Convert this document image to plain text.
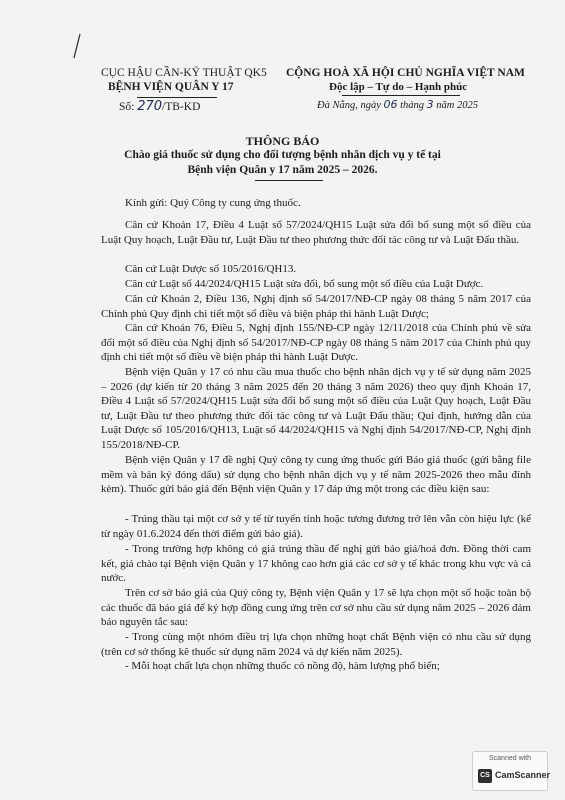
CỤC HẬU CẦN-KỸ THUẬT QK5
BỆNH VIỆN QUÂN Y 17
Số: 270/TB-KD
CỘNG HOÀ XÃ HỘI CHỦ NGHĨA VIỆT NAM
Độc lập – Tự do – Hạnh phúc
Đà Nẵng, ngày 06 tháng 3 năm 2025
THÔNG BÁO
Chào giá thuốc sử dụng cho đối tượng bệnh nhân dịch vụ y tế tại
Bệnh viện Quân y 17 năm 2025 – 2026.
Kính gửi: Quý Công ty cung ứng thuốc.
Căn cứ Khoản 17, Điều 4 Luật số 57/2024/QH15 Luật sửa đổi bổ sung một số điều của Luật Quy hoạch, Luật Đầu tư, Luật Đầu tư theo phương thức đối tác công tư và Luật Đấu thầu.
Căn cứ Luật Dược số 105/2016/QH13.
Căn cứ Luật số 44/2024/QH15 Luật sửa đổi, bổ sung một số điều của Luật Dược.
Căn cứ Khoản 2, Điều 136, Nghị định số 54/2017/NĐ-CP ngày 08 tháng 5 năm 2017 của Chính phủ Quy định chi tiết một số điều và biện pháp thi hành Luật Dược;
Căn cứ Khoản 76, Điều 5, Nghị định 155/NĐ-CP ngày 12/11/2018 của Chính phủ về sửa đổi một số điều của Nghị định số 54/2017/NĐ-CP ngày 08 tháng 5 năm 2017 của Chính phủ quy định chi tiết một số điều về biện pháp thi hành Luật Dược.
Bệnh viện Quân y 17 có nhu cầu mua thuốc cho bệnh nhân dịch vụ y tế sử dụng năm 2025 – 2026 (dự kiến từ 20 tháng 3 năm 2025 đến 20 tháng 3 năm 2026) theo quy định Khoản 17, Điều 4 Luật số 57/2024/QH15 Luật sửa đổi bổ sung một số điều của Luật Quy hoạch, Luật Đầu tư, Luật Đầu tư theo phương thức đối tác công tư và Luật Đấu thầu; Qui định, hướng dẫn của Luật Dược số 105/2016/QH13, Luật số 44/2024/QH15 và Nghị định 54/2017/NĐ-CP, Nghị định 155/2018/NĐ-CP.
Bệnh viện Quân y 17 đề nghị Quý công ty cung ứng thuốc gửi Báo giá thuốc (gửi bằng file mềm và bản ký đóng dấu) sử dụng cho bệnh nhân dịch vụ y tế năm 2025-2026 theo mẫu đính kèm). Thuốc gửi báo giá đến Bệnh viện Quân y 17 đáp ứng một trong các điều kiện sau:
- Trúng thầu tại một cơ sở y tế từ tuyến tỉnh hoặc tương đương trở lên vẫn còn hiệu lực (kể từ ngày 01.6.2024 đến thời điểm gửi báo giá).
- Trong trường hợp không có giá trúng thầu để nghị gửi báo giá/hoá đơn. Đồng thời cam kết, giá chào tại Bệnh viện Quân y 17 không cao hơn giá các cơ sở y tế khác trong khu vực và cả nước.
Trên cơ sở báo giá của Quý công ty, Bệnh viện Quân y 17 sẽ lựa chọn một số hoặc toàn bộ các thuốc đã báo giá để ký hợp đồng cung ứng trên cơ sở nhu cầu sử dụng năm 2025 – 2026 đảm bảo nguyên tắc sau:
- Trong cùng một nhóm điều trị lựa chọn những hoạt chất Bệnh viện có nhu cầu sử dụng (trên cơ sở thống kê thuốc sử dụng năm 2024 và dự kiến năm 2025).
- Mỗi hoạt chất lựa chọn những thuốc có nồng độ, hàm lượng phổ biến;
Scanned with
CS CamScanner
